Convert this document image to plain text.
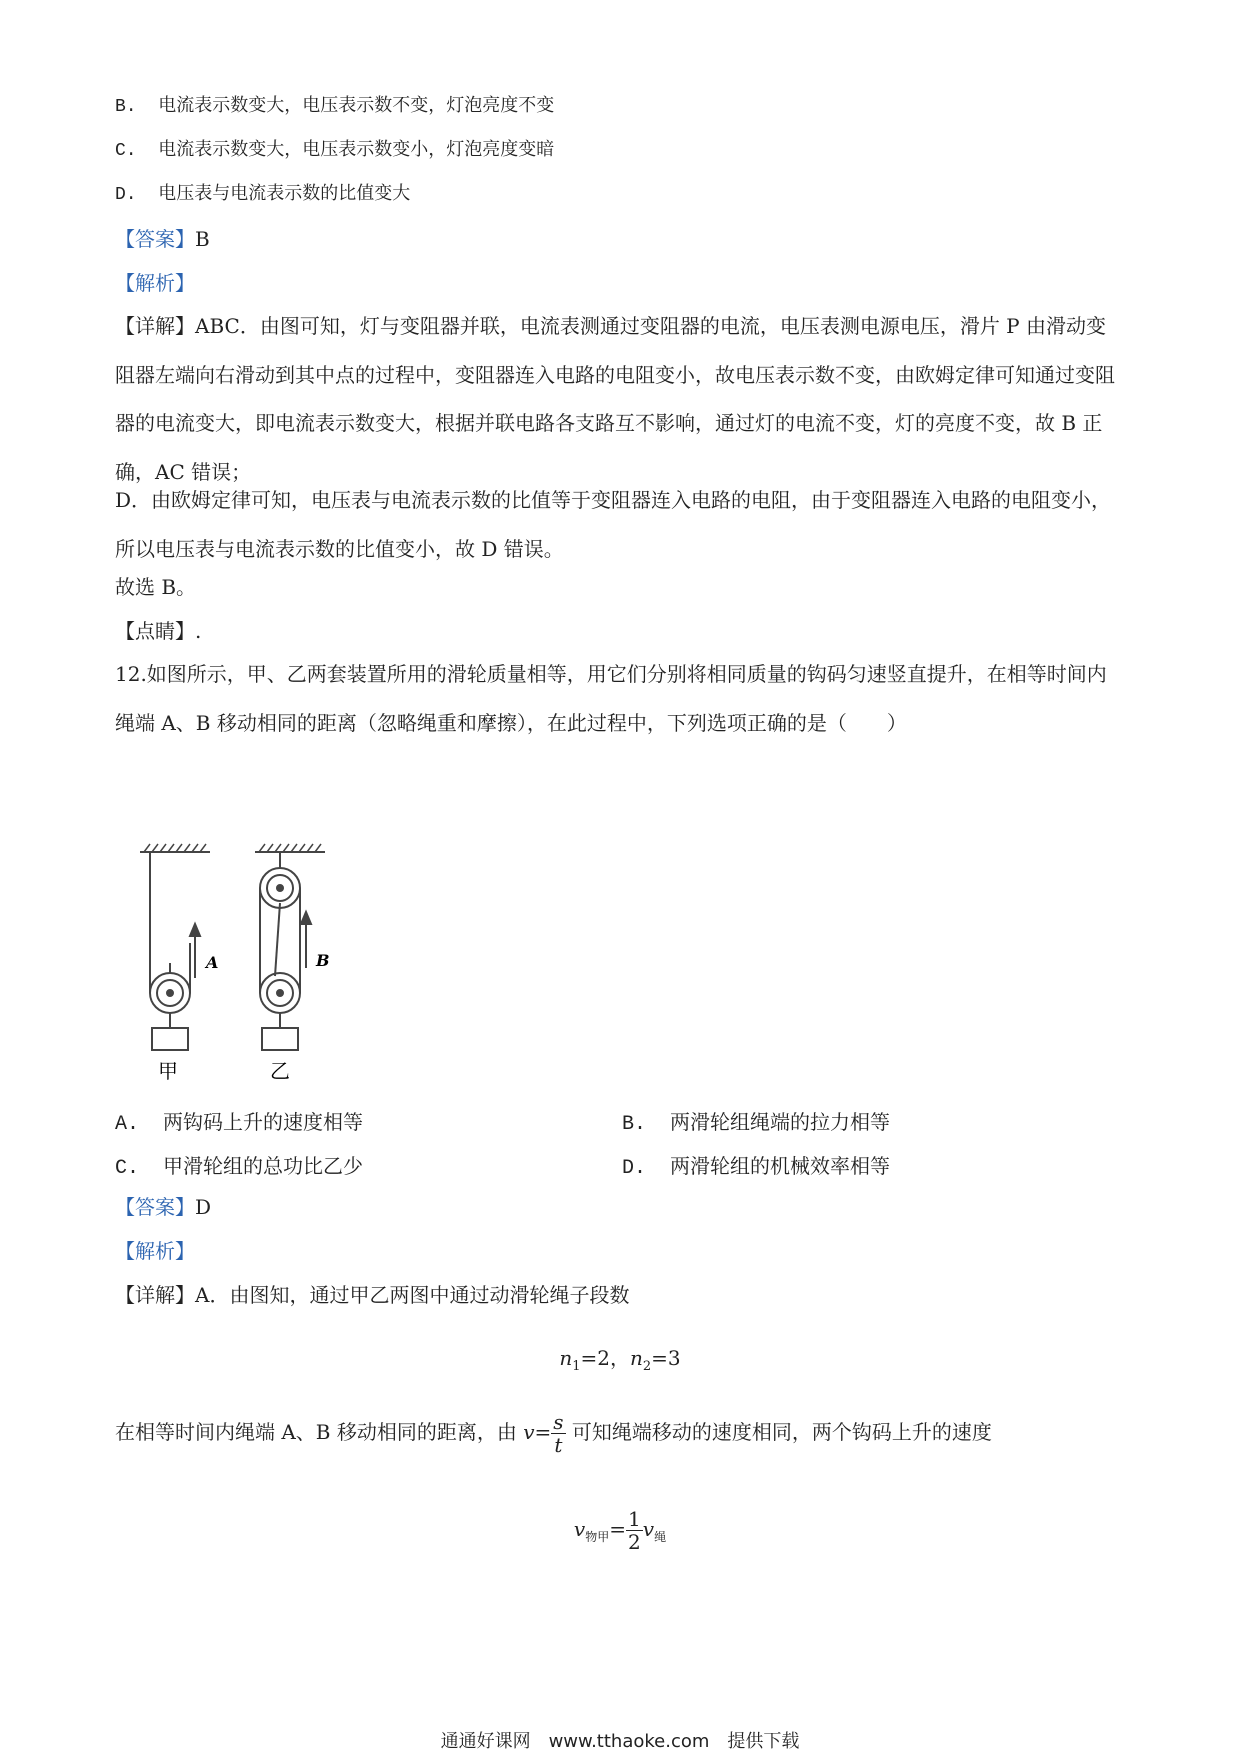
B.  电流表示数变大，电压表示数不变，灯泡亮度不变
C.  电流表示数变大，电压表示数变小，灯泡亮度变暗
D.  电压表与电流表示数的比值变大
【答案】B
【解析】
【详解】ABC．由图可知，灯与变阻器并联，电流表测通过变阻器的电流，电压表测电源电压，滑片 P 由滑动变阻器左端向右滑动到其中点的过程中，变阻器连入电路的电阻变小，故电压表示数不变，由欧姆定律可知通过变阻器的电流变大，即电流表示数变大，根据并联电路各支路互不影响，通过灯的电流不变，灯的亮度不变，故 B 正确，AC 错误；
D．由欧姆定律可知，电压表与电流表示数的比值等于变阻器连入电路的电阻，由于变阻器连入电路的电阻变小，所以电压表与电流表示数的比值变小，故 D 错误。
故选 B。
【点睛】.
12.如图所示，甲、乙两套装置所用的滑轮质量相等，用它们分别将相同质量的钩码匀速竖直提升，在相等时间内绳端 A、B 移动相同的距离（忽略绳重和摩擦），在此过程中，下列选项正确的是（　　）
A	B
甲	乙
A.  两钩码上升的速度相等	B.  两滑轮组绳端的拉力相等
C.  甲滑轮组的总功比乙少	D.  两滑轮组的机械效率相等
【答案】D
【解析】
【详解】A．由图知，通过甲乙两图中通过动滑轮绳子段数
$n_1=2$，$n_2=3$
在相等时间内绳端 A、B 移动相同的距离，由 $v= \frac{s}{t}$ 可知绳端移动的速度相同，两个钩码上升的速度
$v_{物甲}= \frac{1}{2} v_绳$
通通好课网　www.tthaoke.com　提供下载
